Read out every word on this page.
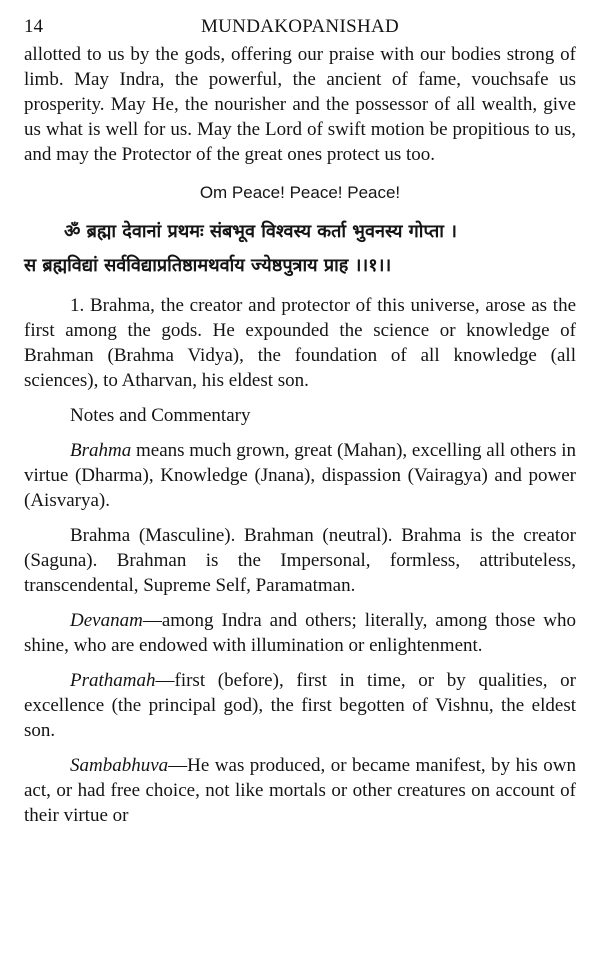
14	MUNDAKOPANISHAD

allotted to us by the gods, offering our praise with our bodies strong of limb. May Indra, the powerful, the ancient of fame, vouchsafe us prosperity. May He, the nourisher and the possessor of all wealth, give us what is well for us. May the Lord of swift motion be propitious to us, and may the Protector of the great ones protect us too.

Om Peace! Peace! Peace!

ॐ ब्रह्मा देवानां प्रथमः संबभूव विश्वस्य कर्ता भुवनस्य गोप्ता ।

स ब्रह्मविद्यां सर्वविद्याप्रतिष्ठामथर्वाय ज्येष्ठपुत्राय प्राह ।।१।।

1. Brahma, the creator and protector of this universe, arose as the first among the gods. He expounded the science or knowledge of Brahman (Brahma Vidya), the foundation of all knowledge (all sciences), to Atharvan, his eldest son.

Notes and Commentary

Brahma means much grown, great (Mahan), excelling all others in virtue (Dharma), Knowledge (Jnana), dispassion (Vairagya) and power (Aisvarya).

Brahma (Masculine). Brahman (neutral). Brahma is the creator (Saguna). Brahman is the Impersonal, formless, attributeless, transcendental, Supreme Self, Paramatman.

Devanam—among Indra and others; literally, among those who shine, who are endowed with illumination or enlightenment.

Prathamah—first (before), first in time, or by qualities, or excellence (the principal god), the first begotten of Vishnu, the eldest son.

Sambabhuva—He was produced, or became manifest, by his own act, or had free choice, not like mortals or other creatures on account of their virtue or
